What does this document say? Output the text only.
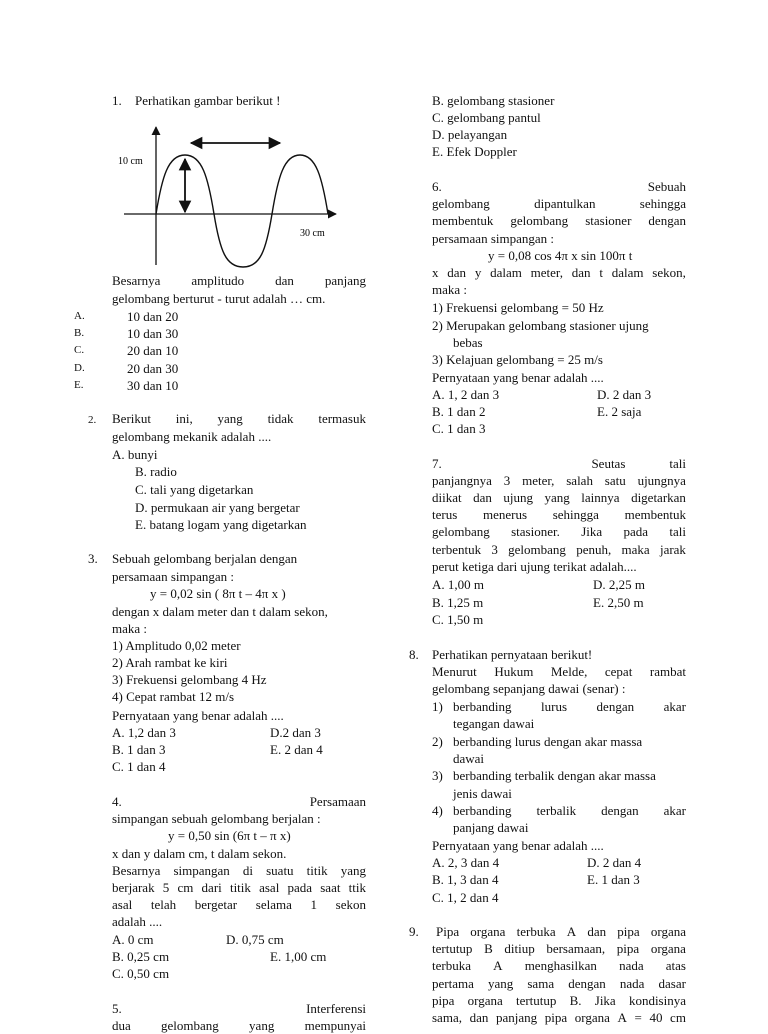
1. Perhatikan gambar berikut !
10 cm
30 cm
Besarnya amplitudo dan panjang
gelombang berturut - turut adalah … cm.
A.	10 dan 20
B.	10 dan 30
C.	20 dan 10
D.	20 dan 30
E.	30 dan 10
2. Berikut ini, yang tidak termasuk
gelombang mekanik adalah ....
A. bunyi
B. radio
C. tali yang digetarkan
D. permukaan air yang bergetar
E. batang logam yang digetarkan
3. Sebuah gelombang berjalan dengan
persamaan simpangan :
y = 0,02 sin ( 8π t – 4π x )
dengan x dalam meter dan t dalam sekon,
maka :
1) Amplitudo 0,02 meter
2) Arah rambat ke kiri
3) Frekuensi gelombang 4 Hz
4) Cepat rambat 12 m/s
Pernyataan yang benar adalah ....
A. 1,2 dan 3	D.2 dan 3
B. 1 dan 3	E. 2 dan 4
C. 1 dan 4
4.	Persamaan
simpangan sebuah gelombang berjalan :
y = 0,50 sin (6π t – π x)
x dan y dalam cm, t dalam sekon.
Besarnya simpangan di suatu titik yang
berjarak 5 cm dari titik asal pada saat ttik
asal telah bergetar selama 1 sekon
adalah ....
A. 0 cm	D. 0,75 cm
B. 0,25 cm	E. 1,00 cm
C. 0,50 cm
5.	Interferensi
dua gelombang yang mempunyai
B. gelombang stasioner
C. gelombang pantul
D. pelayangan
E. Efek Doppler
6.	Sebuah
gelombang	dipantulkan	sehingga
membentuk gelombang stasioner dengan
persamaan simpangan :
y = 0,08 cos 4π x sin 100π t
x dan y dalam meter, dan t dalam sekon,
maka :
1) Frekuensi gelombang = 50 Hz
2) Merupakan gelombang stasioner ujung
bebas
3) Kelajuan gelombang = 25 m/s
Pernyataan yang benar adalah ....
A. 1, 2 dan 3	D. 2 dan 3
B. 1 dan 2	E. 2 saja
C. 1 dan 3
7.	Seutas	tali
panjangnya 3 meter, salah satu ujungnya
diikat dan ujung yang lainnya digetarkan
terus menerus sehingga membentuk
gelombang stasioner. Jika pada tali
terbentuk 3 gelombang penuh, maka jarak
perut ketiga dari ujung terikat adalah....
A. 1,00 m	D. 2,25 m
B. 1,25 m	E. 2,50 m
C. 1,50 m
8. Perhatikan pernyataan berikut!
Menurut Hukum Melde, cepat rambat
gelombang sepanjang dawai (senar) :
1) berbanding lurus dengan akar
tegangan dawai
2) berbanding lurus dengan akar massa
dawai
3) berbanding terbalik dengan akar massa
jenis dawai
4) berbanding terbalik dengan akar
panjang dawai
Pernyataan yang benar adalah ....
A. 2, 3 dan 4	D. 2 dan 4
B. 1, 3 dan 4	E. 1 dan 3
C. 1, 2 dan 4
9. Pipa organa terbuka A dan pipa organa
tertutup B ditiup bersamaan, pipa organa
terbuka A menghasilkan nada atas
pertama yang sama dengan nada dasar
pipa organa tertutup B. Jika kondisinya
sama, dan panjang pipa organa A = 40 cm
